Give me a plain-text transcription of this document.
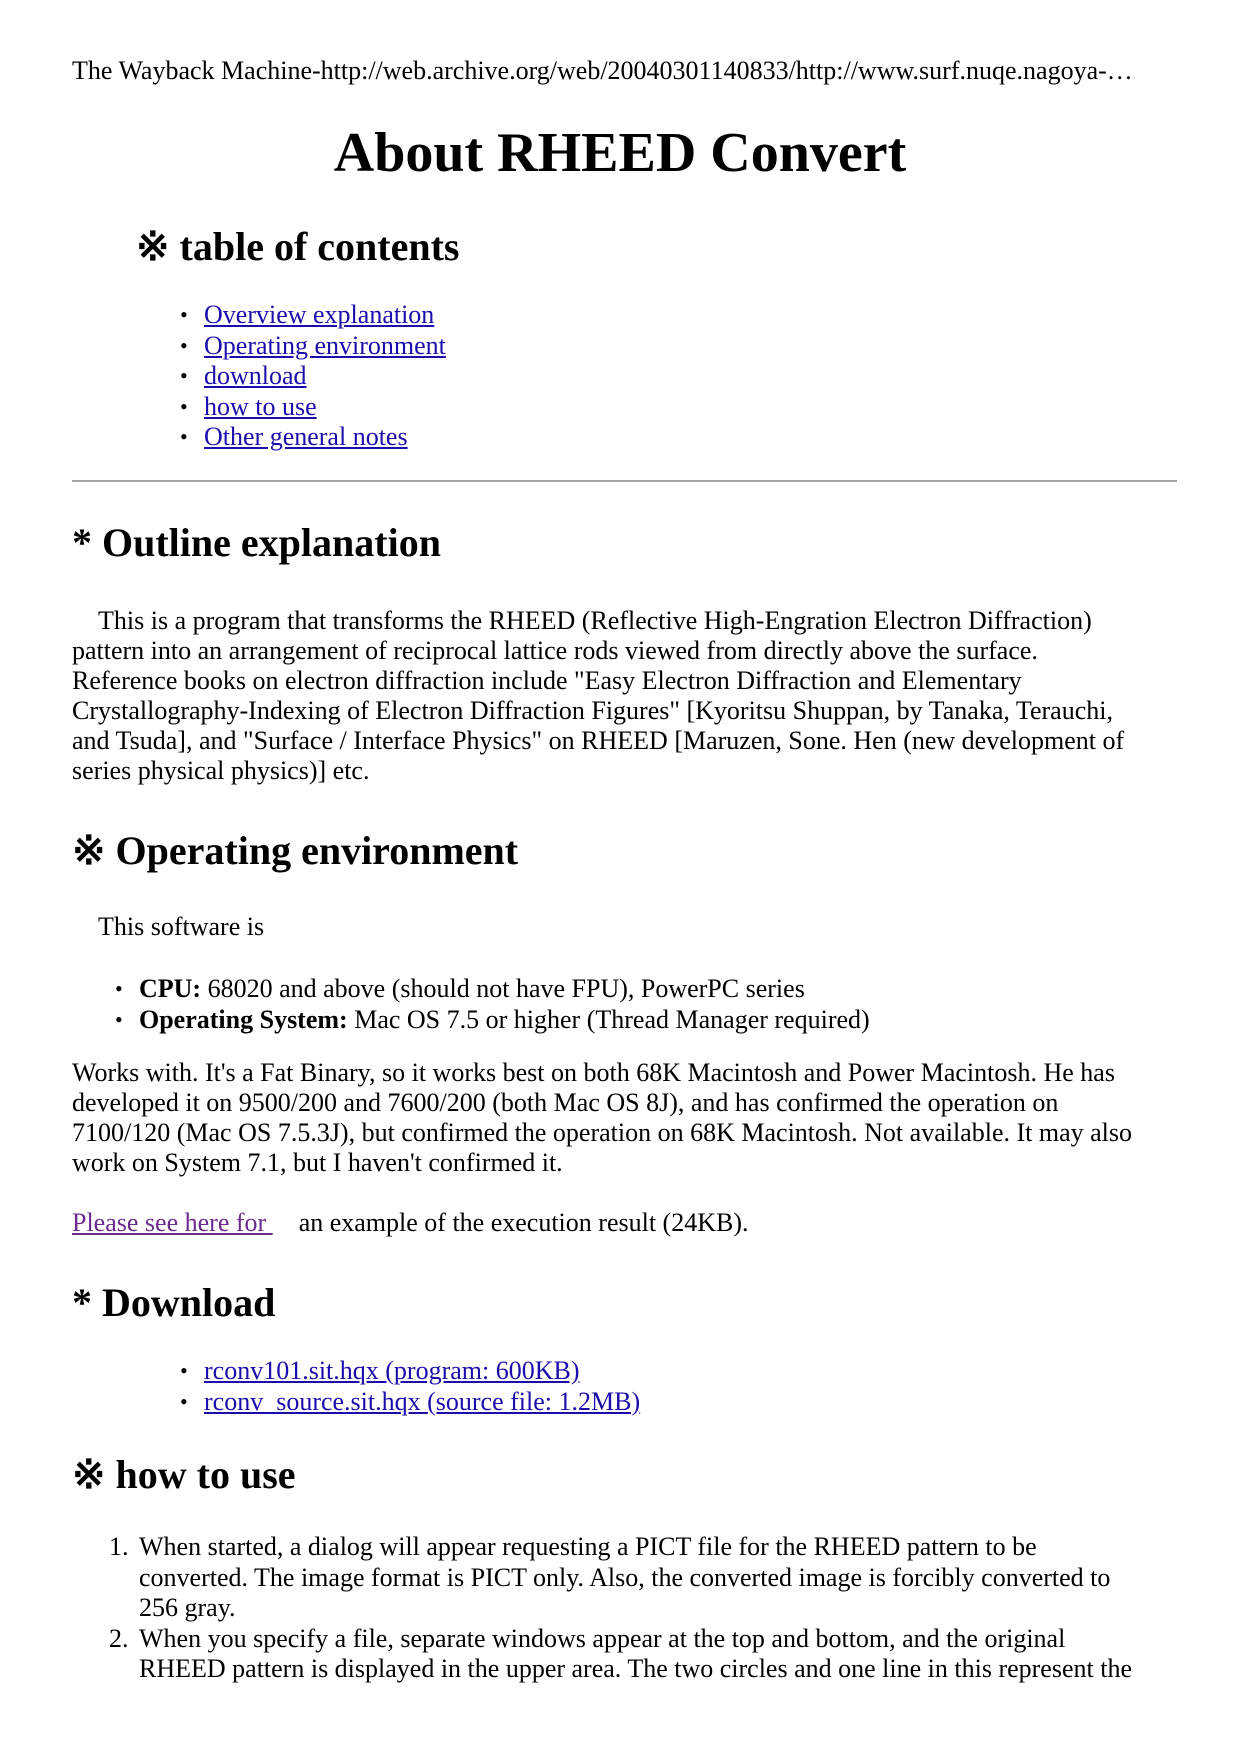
The Wayback Machine-http://web.archive.org/web/20040301140833/http://www.surf.nuqe.nagoya-…
About RHEED Convert
※ table of contents
• Overview explanation
• Operating environment
• download
• how to use
• Other general notes
* Outline explanation
This is a program that transforms the RHEED (Reflective High-Engration Electron Diffraction)
pattern into an arrangement of reciprocal lattice rods viewed from directly above the surface.
Reference books on electron diffraction include "Easy Electron Diffraction and Elementary
Crystallography-Indexing of Electron Diffraction Figures" [Kyoritsu Shuppan, by Tanaka, Terauchi,
and Tsuda], and "Surface / Interface Physics" on RHEED [Maruzen, Sone. Hen (new development of
series physical physics)] etc.
※ Operating environment

This software is

• CPU: 68020 and above (should not have FPU), PowerPC series
• Operating System: Mac OS 7.5 or higher (Thread Manager required)
Works with. It's a Fat Binary, so it works best on both 68K Macintosh and Power Macintosh. He has
developed it on 9500/200 and 7600/200 (both Mac OS 8J), and has confirmed the operation on
7100/120 (Mac OS 7.5.3J), but confirmed the operation on 68K Macintosh. Not available. It may also
work on System 7.1, but I haven't confirmed it.
Please see here for an example of the execution result (24KB).
* Download
• rconv101.sit.hqx (program: 600KB)
• rconv_source.sit.hqx (source file: 1.2MB)
※ how to use
1. When started, a dialog will appear requesting a PICT file for the RHEED pattern to be
converted. The image format is PICT only. Also, the converted image is forcibly converted to
256 gray.
2. When you specify a file, separate windows appear at the top and bottom, and the original
RHEED pattern is displayed in the upper area. The two circles and one line in this represent the
